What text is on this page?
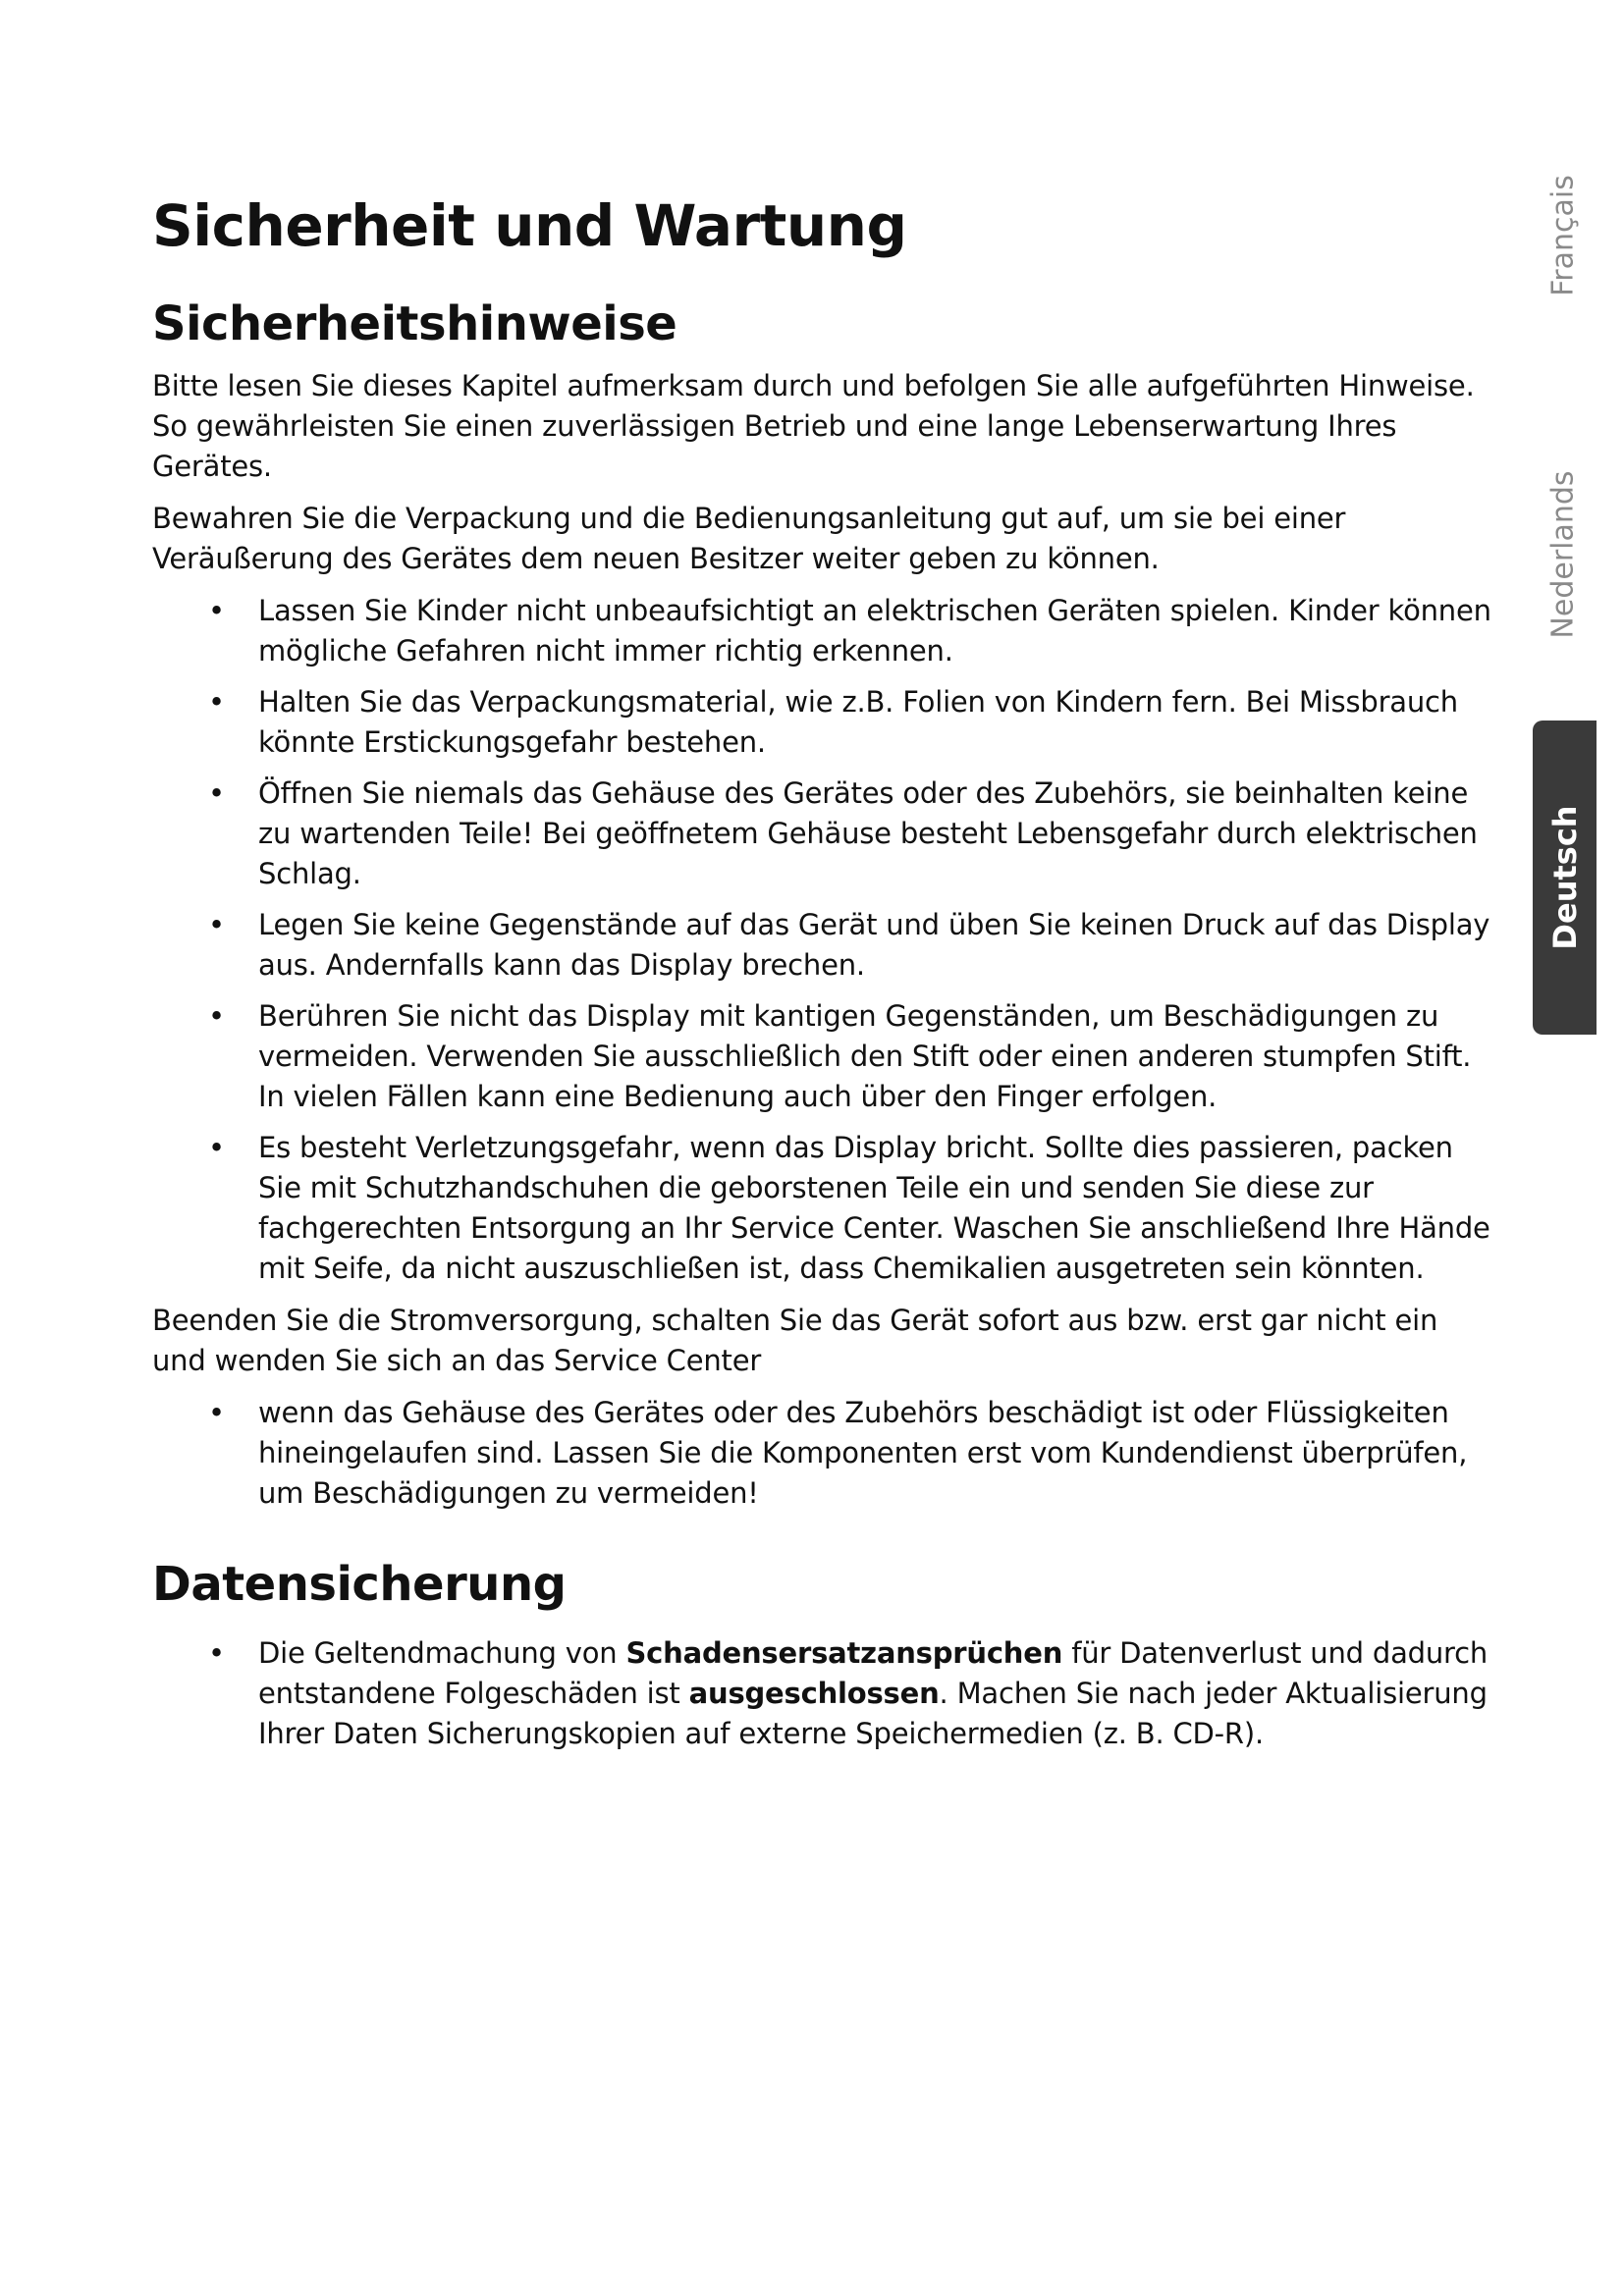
Sicherheit und Wartung
Sicherheitshinweise

Bitte lesen Sie dieses Kapitel aufmerksam durch und befolgen Sie alle aufgeführten Hinweise. So gewährleisten Sie einen zuverlässigen Betrieb und eine lange Lebenserwartung Ihres Gerätes.

Bewahren Sie die Verpackung und die Bedienungsanleitung gut auf, um sie bei einer Veräußerung des Gerätes dem neuen Besitzer weiter geben zu können.

• Lassen Sie Kinder nicht unbeaufsichtigt an elektrischen Geräten spielen. Kinder können mögliche Gefahren nicht immer richtig erkennen.
• Halten Sie das Verpackungsmaterial, wie z.B. Folien von Kindern fern. Bei Missbrauch könnte Erstickungsgefahr bestehen.
• Öffnen Sie niemals das Gehäuse des Gerätes oder des Zubehörs, sie beinhalten keine zu wartenden Teile! Bei geöffnetem Gehäuse besteht Lebensgefahr durch elektrischen Schlag.
• Legen Sie keine Gegenstände auf das Gerät und üben Sie keinen Druck auf das Display aus. Andernfalls kann das Display brechen.
• Berühren Sie nicht das Display mit kantigen Gegenständen, um Beschädigungen zu vermeiden. Verwenden Sie ausschließlich den Stift oder einen anderen stumpfen Stift. In vielen Fällen kann eine Bedienung auch über den Finger erfolgen.
• Es besteht Verletzungsgefahr, wenn das Display bricht. Sollte dies passieren, packen Sie mit Schutzhandschuhen die geborstenen Teile ein und senden Sie diese zur fachgerechten Entsorgung an Ihr Service Center. Waschen Sie anschließend Ihre Hände mit Seife, da nicht auszuschließen ist, dass Chemikalien ausgetreten sein könnten.

Beenden Sie die Stromversorgung, schalten Sie das Gerät sofort aus bzw. erst gar nicht ein und wenden Sie sich an das Service Center

• wenn das Gehäuse des Gerätes oder des Zubehörs beschädigt ist oder Flüssigkeiten hineingelaufen sind. Lassen Sie die Komponenten erst vom Kundendienst überprüfen, um Beschädigungen zu vermeiden!
Datensicherung
• Die Geltendmachung von Schadensersatzansprüchen für Datenverlust und dadurch entstandene Folgeschäden ist ausgeschlossen. Machen Sie nach jeder Aktualisierung Ihrer Daten Sicherungskopien auf externe Speichermedien (z. B. CD-R).
Français
Nederlands
Deutsch
